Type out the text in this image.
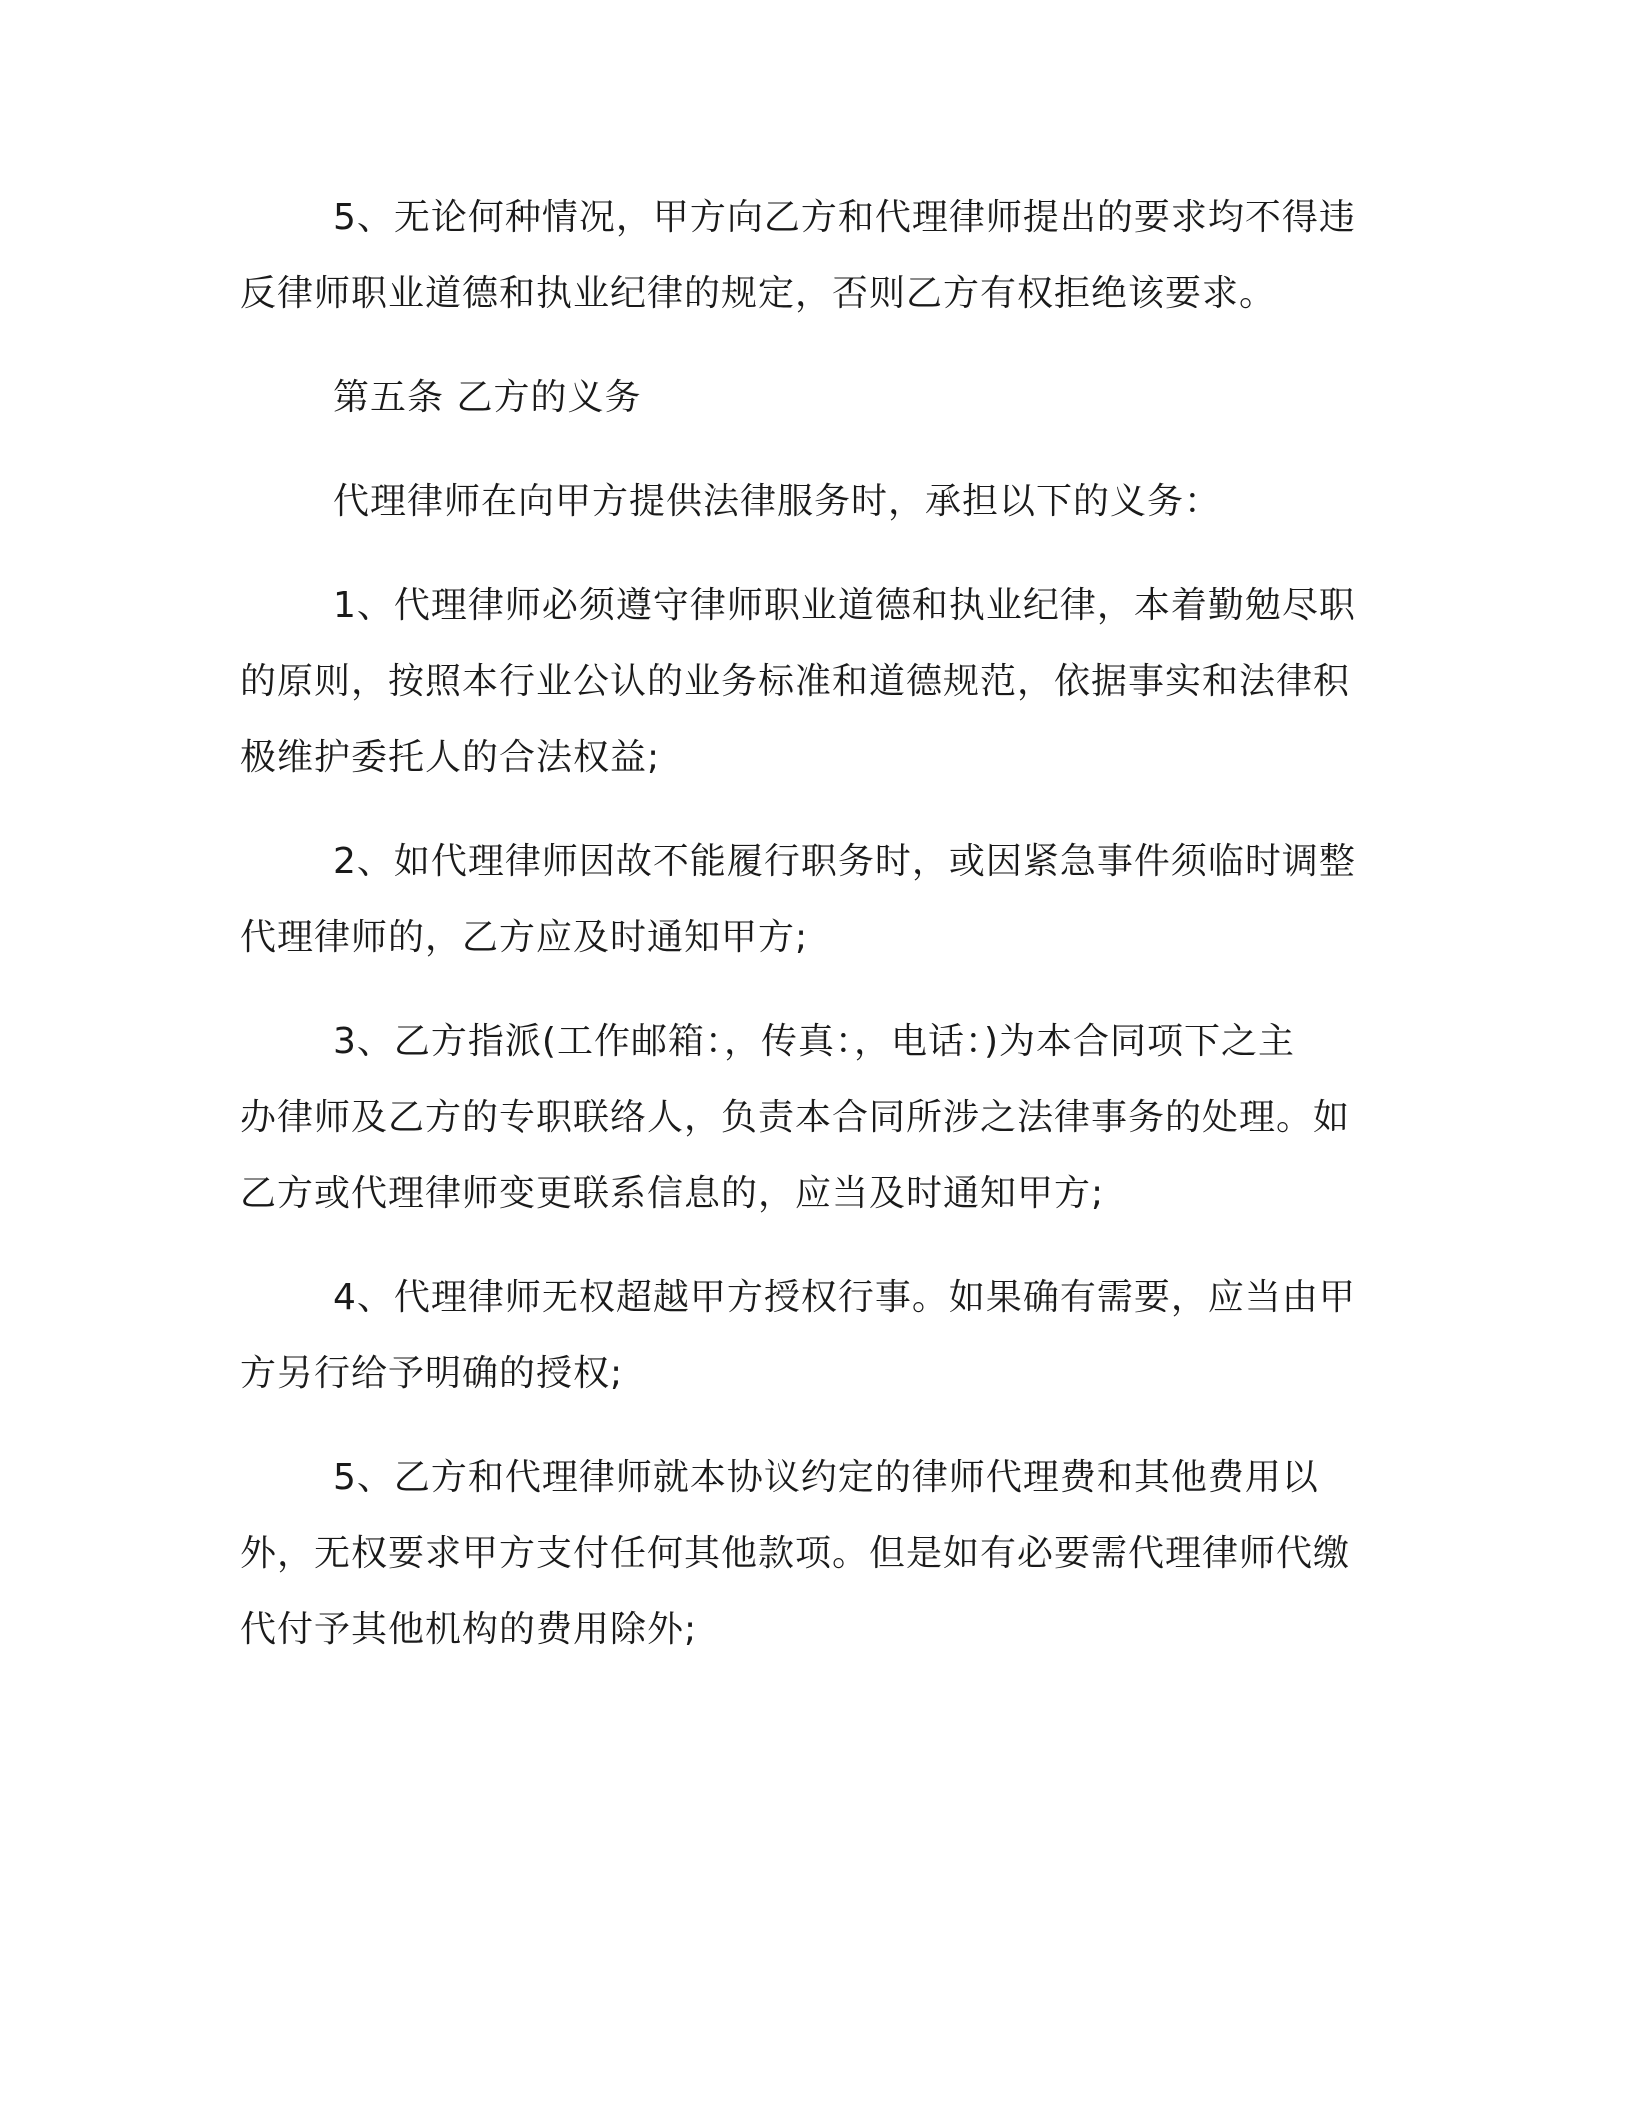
5、无论何种情况，甲方向乙方和代理律师提出的要求均不得违
反律师职业道德和执业纪律的规定，否则乙方有权拒绝该要求。
第五条 乙方的义务
代理律师在向甲方提供法律服务时，承担以下的义务：
1、代理律师必须遵守律师职业道德和执业纪律，本着勤勉尽职
的原则，按照本行业公认的业务标准和道德规范，依据事实和法律积
极维护委托人的合法权益;
2、如代理律师因故不能履行职务时，或因紧急事件须临时调整
代理律师的，乙方应及时通知甲方;
3、乙方指派(工作邮箱：，传真：，电话：)为本合同项下之主
办律师及乙方的专职联络人，负责本合同所涉之法律事务的处理。如
乙方或代理律师变更联系信息的，应当及时通知甲方;
4、代理律师无权超越甲方授权行事。如果确有需要，应当由甲
方另行给予明确的授权;
5、乙方和代理律师就本协议约定的律师代理费和其他费用以
外，无权要求甲方支付任何其他款项。但是如有必要需代理律师代缴
代付予其他机构的费用除外;
